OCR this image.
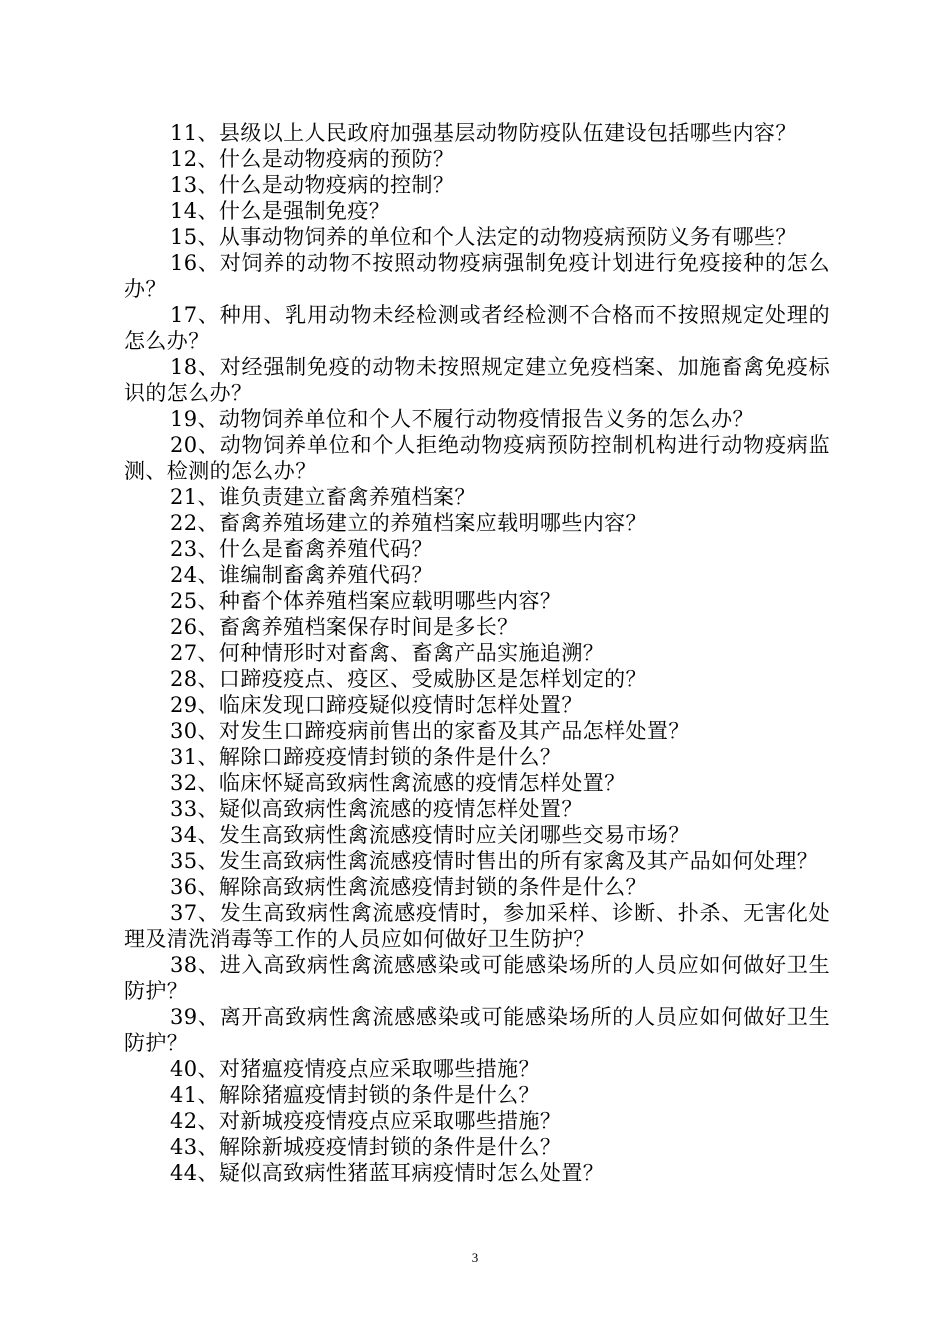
11、县级以上人民政府加强基层动物防疫队伍建设包括哪些内容？

12、什么是动物疫病的预防？

13、什么是动物疫病的控制？

14、什么是强制免疫？

15、从事动物饲养的单位和个人法定的动物疫病预防义务有哪些？

16、对饲养的动物不按照动物疫病强制免疫计划进行免疫接种的怎么办？

17、种用、乳用动物未经检测或者经检测不合格而不按照规定处理的怎么办？

18、对经强制免疫的动物未按照规定建立免疫档案、加施畜禽免疫标识的怎么办？

19、动物饲养单位和个人不履行动物疫情报告义务的怎么办？

20、动物饲养单位和个人拒绝动物疫病预防控制机构进行动物疫病监测、检测的怎么办？

21、谁负责建立畜禽养殖档案？

22、畜禽养殖场建立的养殖档案应载明哪些内容？

23、什么是畜禽养殖代码？

24、谁编制畜禽养殖代码？

25、种畜个体养殖档案应载明哪些内容？

26、畜禽养殖档案保存时间是多长？

27、何种情形时对畜禽、畜禽产品实施追溯？

28、口蹄疫疫点、疫区、受威胁区是怎样划定的？

29、临床发现口蹄疫疑似疫情时怎样处置？

30、对发生口蹄疫病前售出的家畜及其产品怎样处置？

31、解除口蹄疫疫情封锁的条件是什么？

32、临床怀疑高致病性禽流感的疫情怎样处置？

33、疑似高致病性禽流感的疫情怎样处置？

34、发生高致病性禽流感疫情时应关闭哪些交易市场？

35、发生高致病性禽流感疫情时售出的所有家禽及其产品如何处理？

36、解除高致病性禽流感疫情封锁的条件是什么？

37、发生高致病性禽流感疫情时，参加采样、诊断、扑杀、无害化处理及清洗消毒等工作的人员应如何做好卫生防护？

38、进入高致病性禽流感感染或可能感染场所的人员应如何做好卫生防护？

39、离开高致病性禽流感感染或可能感染场所的人员应如何做好卫生防护？

40、对猪瘟疫情疫点应采取哪些措施？

41、解除猪瘟疫情封锁的条件是什么？

42、对新城疫疫情疫点应采取哪些措施？

43、解除新城疫疫情封锁的条件是什么？

44、疑似高致病性猪蓝耳病疫情时怎么处置？

3
